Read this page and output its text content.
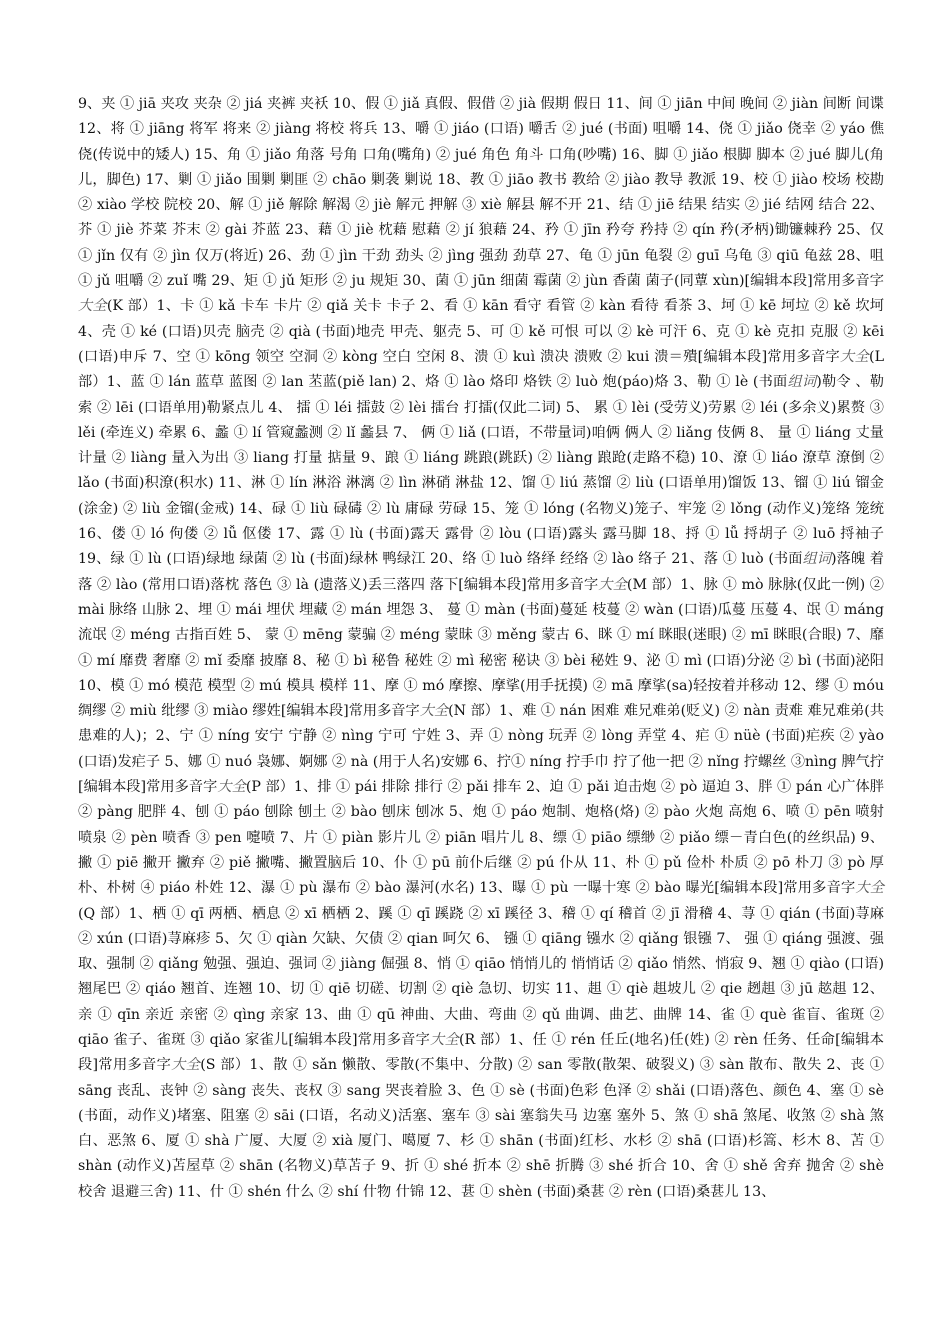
9、夹 ① jiā 夹攻 夹杂 ② jiá 夹裤 夹袄 10、假 ① jiǎ 真假、假借 ② jià 假期 假日 11、间 ① jiān 中间 晚间 ② jiàn 间断 间谍 12、将 ① jiāng 将军 将来 ② jiàng 将校 将兵 13、嚼 ① jiáo (口语) 嚼舌 ② jué (书面) 咀嚼 14、侥 ① jiǎo 侥幸 ② yáo 僬侥(传说中的矮人) 15、角 ① jiǎo 角落 号角 口角(嘴角) ② jué 角色 角斗 口角(吵嘴) 16、脚 ① jiǎo 根脚 脚本 ② jué 脚儿(角儿，脚色) 17、剿 ① jiǎo 围剿 剿匪 ② chāo 剿袭 剿说 18、教 ① jiāo 教书 教给 ② jiào 教导 教派 19、校 ① jiào 校场 校勘 ② xiào 学校 院校 20、解 ① jiě 解除 解渴 ② jiè 解元 押解 ③ xiè 解县 解不开 21、结 ① jiē 结果 结实 ② jié 结网 结合 22、芥 ① jiè 芥菜 芥末 ② gài 芥蓝 23、藉 ① jiè 枕藉 慰藉 ② jí 狼藉 24、矜 ① jīn 矜夸 矜持 ② qín 矜(矛柄)锄镰棘矜 25、仅 ① jǐn 仅有 ② jìn 仅万(将近) 26、劲 ① jìn 干劲 劲头 ② jìng 强劲 劲草 27、龟 ① jūn 龟裂 ② guī 乌龟 ③ qiū 龟兹 28、咀 ① jǔ 咀嚼 ② zuǐ 嘴 29、矩 ① jǔ 矩形 ② ju 规矩 30、菌 ① jūn 细菌 霉菌 ② jùn 香菌 菌子(同蕈 xùn)[编辑本段]常用多音字大全(K 部）1、卡 ① kǎ 卡车 卡片 ② qiǎ 关卡 卡子 2、看 ① kān 看守 看管 ② kàn 看待 看茶 3、坷 ① kē 坷垃 ② kě 坎坷 4、壳 ① ké (口语)贝壳 脑壳 ② qià (书面)地壳 甲壳、躯壳 5、可 ① kě 可恨 可以 ② kè 可汗 6、克 ① kè 克扣 克服 ② kēi (口语)申斥 7、空 ① kōng 领空 空洞 ② kòng 空白 空闲 8、溃 ① kuì 溃决 溃败 ② kui 溃＝殨[编辑本段]常用多音字大全(L 部）1、蓝 ① lán 蓝草 蓝图 ② lan 苤蓝(piě lan) 2、烙 ① lào 烙印 烙铁 ② luò 炮(páo)烙 3、勒 ① lè (书面组词)勒令 、勒索 ② lēi (口语单用)勒紧点儿 4、 擂 ① léi 擂鼓 ② lèi 擂台 打擂(仅此二词) 5、 累 ① lèi (受劳义)劳累 ② léi (多余义)累赘 ③ lěi (牵连义) 牵累 6、蠡 ① lí 管窥蠡测 ② lǐ 蠡县 7、 俩 ① liǎ (口语，不带量词)咱俩 俩人 ② liǎng 伎俩 8、 量 ① liáng 丈量 计量 ② liàng 量入为出 ③ liang 打量 掂量 9、踉 ① liáng 跳踉(跳跃) ② liàng 踉跄(走路不稳) 10、潦 ① liáo 潦草 潦倒 ② lǎo (书面)积潦(积水) 11、淋 ① lín 淋浴 淋漓 ② lìn 淋硝 淋盐 12、馏 ① liú 蒸馏 ② liù (口语单用)馏饭 13、镏 ① liú 镏金(涂金) ② liù 金镏(金戒) 14、碌 ① liù 碌碡 ② lù 庸碌 劳碌 15、笼 ① lóng (名物义)笼子、牢笼 ② lǒng (动作义)笼络 笼统 16、偻 ① ló 佝偻 ② lǚ 伛偻 17、露 ① lù (书面)露天 露骨 ② lòu (口语)露头 露马脚 18、捋 ① lǚ 捋胡子 ② luō 捋袖子 19、绿 ① lù (口语)绿地 绿菌 ② lù (书面)绿林 鸭绿江 20、络 ① luò 络绎 经络 ② lào 络子 21、落 ① luò (书面组词)落魄 着落 ② lào (常用口语)落枕 落色 ③ là (遗落义)丢三落四 落下[编辑本段]常用多音字大全(M 部）1、脉 ① mò 脉脉(仅此一例) ② mài 脉络 山脉 2、埋 ① mái 埋伏 埋藏 ② mán 埋怨 3、 蔓 ① màn (书面)蔓延 枝蔓 ② wàn (口语)瓜蔓 压蔓 4、氓 ① máng 流氓 ② méng 古指百姓 5、 蒙 ① mēng 蒙骗 ② méng 蒙昧 ③ měng 蒙古 6、眯 ① mí 眯眼(迷眼) ② mī 眯眼(合眼) 7、靡 ① mí 靡费 奢靡 ② mǐ 委靡 披靡 8、秘 ① bì 秘鲁 秘姓 ② mì 秘密 秘诀 ③ bèi 秘姓 9、泌 ① mì (口语)分泌 ② bì (书面)泌阳 10、模 ① mó 模范 模型 ② mú 模具 模样 11、摩 ① mó 摩擦、摩挲(用手抚摸) ② mā 摩挲(sa)轻按着并移动 12、缪 ① móu 绸缪 ② miù 纰缪 ③ miào 缪姓[编辑本段]常用多音字大全(N 部）1、难 ① nán 困难 难兄难弟(贬义) ② nàn 责难 难兄难弟(共患难的人)；2、宁 ① níng 安宁 宁静 ② nìng 宁可 宁姓 3、弄 ① nòng 玩弄 ② lòng 弄堂 4、疟 ① nüè (书面)疟疾 ② yào (口语)发疟子 5、娜 ① nuó 袅娜、婀娜 ② nà (用于人名)安娜 6、拧① níng 拧手巾 拧了他一把 ② nǐng 拧螺丝 ③nìng 脾气拧[编辑本段]常用多音字大全(P 部）1、排 ① pái 排除 排行 ② pǎi 排车 2、迫 ① pǎi 迫击炮 ② pò 逼迫 3、胖 ① pán 心广体胖 ② pàng 肥胖 4、刨 ① páo 刨除 刨土 ② bào 刨床 刨冰 5、炮 ① páo 炮制、炮格(烙) ② pào 火炮 高炮 6、喷 ① pēn 喷射 喷泉 ② pèn 喷香 ③ pen 嚏喷 7、片 ① piàn 影片儿 ② piān 唱片儿 8、缥 ① piāo 缥缈 ② piǎo 缥－青白色(的丝织品) 9、撇 ① piē 撇开 撇弃 ② piě 撇嘴、撇置脑后 10、仆 ① pū 前仆后继 ② pú 仆从 11、朴 ① pǔ 俭朴 朴质 ② pō 朴刀 ③ pò 厚朴、朴树 ④ piáo 朴姓 12、瀑 ① pù 瀑布 ② bào 瀑河(水名) 13、曝 ① pù 一曝十寒 ② bào 曝光[编辑本段]常用多音字大全(Q 部）1、栖 ① qī 两栖、栖息 ② xī 栖栖 2、蹊 ① qī 蹊跷 ② xī 蹊径 3、稽 ① qí 稽首 ② jī 滑稽 4、荨 ① qián (书面)荨麻 ② xún (口语)荨麻疹 5、欠 ① qiàn 欠缺、欠债 ② qian 呵欠 6、 镪 ① qiāng 镪水 ② qiǎng 银镪 7、 强 ① qiáng 强渡、强取、强制 ② qiǎng 勉强、强迫、强词 ② jiàng 倔强 8、悄 ① qiāo 悄悄儿的 悄悄话 ② qiǎo 悄然、悄寂 9、翘 ① qiào (口语)翘尾巴 ② qiáo 翘首、连翘 10、切 ① qiē 切磋、切割 ② qiè 急切、切实 11、趄 ① qiè 趄坡儿 ② qie 趔趄 ③ jū 趑趄 12、亲 ① qīn 亲近 亲密 ② qìng 亲家 13、曲 ① qū 神曲、大曲、弯曲 ② qǔ 曲调、曲艺、曲牌 14、雀 ① què 雀盲、雀斑 ② qiāo 雀子、雀斑 ③ qiǎo 家雀儿[编辑本段]常用多音字大全(R 部）1、任 ① rén 任丘(地名)任(姓) ② rèn 任务、任命[编辑本段]常用多音字大全(S 部）1、散 ① sǎn 懒散、零散(不集中、分散) ② san 零散(散架、破裂义) ③ sàn 散布、散失 2、丧 ① sāng 丧乱、丧钟 ② sàng 丧失、丧权 ③ sang 哭丧着脸 3、色 ① sè (书面)色彩 色泽 ② shǎi (口语)落色、颜色 4、塞 ① sè (书面，动作义)堵塞、阻塞 ② sāi (口语，名动义)活塞、塞车 ③ sài 塞翁失马 边塞 塞外 5、煞 ① shā 煞尾、收煞 ② shà 煞白、恶煞 6、厦 ① shà 广厦、大厦 ② xià 厦门、噶厦 7、杉 ① shān (书面)红杉、水杉 ② shā (口语)杉篙、杉木 8、苫 ① shàn (动作义)苫屋草 ② shān (名物义)草苫子 9、折 ① shé 折本 ② shē 折腾 ③ shé 折合 10、舍 ① shě 舍弃 抛舍 ② shè 校舍 退避三舍) 11、什 ① shén 什么 ② shí 什物 什锦 12、葚 ① shèn (书面)桑葚 ② rèn (口语)桑葚儿 13、
